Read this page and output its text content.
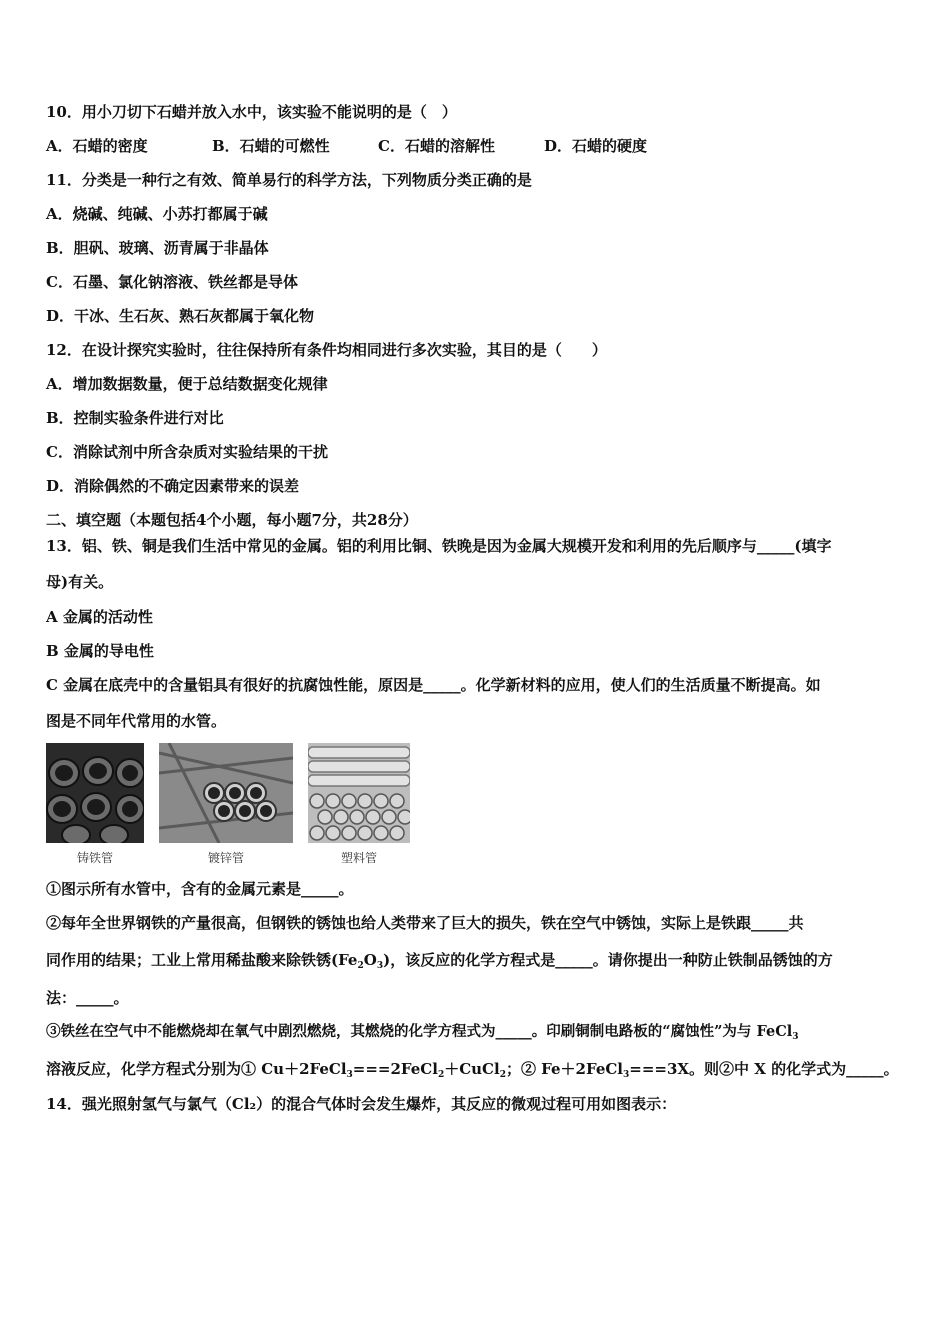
10．用小刀切下石蜡并放入水中，该实验不能说明的是（　）
A．石蜡的密度	B．石蜡的可燃性	C．石蜡的溶解性	D．石蜡的硬度
11．分类是一种行之有效、简单易行的科学方法，下列物质分类正确的是
A．烧碱、纯碱、小苏打都属于碱
B．胆矾、玻璃、沥青属于非晶体
C．石墨、氯化钠溶液、铁丝都是导体
D．干冰、生石灰、熟石灰都属于氧化物
12．在设计探究实验时，往往保持所有条件均相同进行多次实验，其目的是（　　）
A．增加数据数量，便于总结数据变化规律
B．控制实验条件进行对比
C．消除试剂中所含杂质对实验结果的干扰
D．消除偶然的不确定因素带来的误差
二、填空题（本题包括4个小题，每小题7分，共28分）
13．铝、铁、铜是我们生活中常见的金属。铝的利用比铜、铁晚是因为金属大规模开发和利用的先后顺序与_____(填字
母)有关。
A 金属的活动性
B 金属的导电性
C 金属在底壳中的含量铝具有很好的抗腐蚀性能，原因是_____。化学新材料的应用，使人们的生活质量不断提高。如
图是不同年代常用的水管。
铸铁管	镀锌管	塑料管
①图示所有水管中，含有的金属元素是_____。
②每年全世界钢铁的产量很高，但钢铁的锈蚀也给人类带来了巨大的损失，铁在空气中锈蚀，实际上是铁跟_____共
同作用的结果；工业上常用稀盐酸来除铁锈$(Fe_2O_3)$，该反应的化学方程式是_____。请你提出一种防止铁制品锈蚀的方
法：_____。
③铁丝在空气中不能燃烧却在氧气中剧烈燃烧，其燃烧的化学方程式为_____。印刷铜制电路板的“腐蚀性”为与 FeCl$_3$
溶液反应，化学方程式分别为① Cu＋2FeCl$_3$===2FeCl$_2$＋CuCl$_2$；② Fe＋2FeCl$_3$===3X。则②中 X 的化学式为_____。
14．强光照射氢气与氯气（Cl₂）的混合气体时会发生爆炸，其反应的微观过程可用如图表示：
